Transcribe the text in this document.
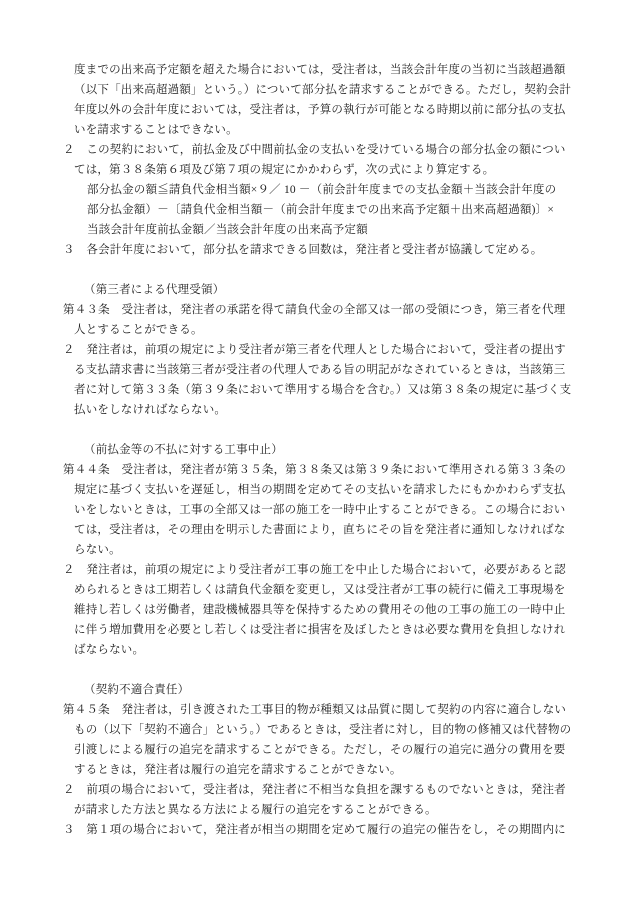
度までの出来高予定額を超えた場合においては，受注者は，当該会計年度の当初に当該超過額
（以下「出来高超過額」という。）について部分払を請求することができる。ただし，契約会計
年度以外の会計年度においては，受注者は，予算の執行が可能となる時期以前に部分払の支払
いを請求することはできない。
２　この契約において，前払金及び中間前払金の支払いを受けている場合の部分払金の額につい
ては，第３８条第６項及び第７項の規定にかかわらず，次の式により算定する。
部分払金の額≦請負代金相当額×９／ 10 －（前会計年度までの支払金額＋当該会計年度の
部分払金額）－〔請負代金相当額－（前会計年度までの出来高予定額＋出来高超過額)〕×
当該会計年度前払金額／当該会計年度の出来高予定額
３　各会計年度において，部分払を請求できる回数は，発注者と受注者が協議して定める。
（第三者による代理受領）
第４３条　受注者は，発注者の承諾を得て請負代金の全部又は一部の受領につき，第三者を代理
人とすることができる。
２　発注者は，前項の規定により受注者が第三者を代理人とした場合において，受注者の提出す
る支払請求書に当該第三者が受注者の代理人である旨の明記がなされているときは，当該第三
者に対して第３３条（第３９条において準用する場合を含む。）又は第３８条の規定に基づく支
払いをしなければならない。
（前払金等の不払に対する工事中止）
第４４条　受注者は，発注者が第３５条，第３８条又は第３９条において準用される第３３条の
規定に基づく支払いを遅延し，相当の期間を定めてその支払いを請求したにもかかわらず支払
いをしないときは，工事の全部又は一部の施工を一時中止することができる。この場合におい
ては，受注者は，その理由を明示した書面により，直ちにその旨を発注者に通知しなければな
らない。
２　発注者は，前項の規定により受注者が工事の施工を中止した場合において，必要があると認
められるときは工期若しくは請負代金額を変更し，又は受注者が工事の続行に備え工事現場を
維持し若しくは労働者，建設機械器具等を保持するための費用その他の工事の施工の一時中止
に伴う増加費用を必要とし若しくは受注者に損害を及ぼしたときは必要な費用を負担しなけれ
ばならない。
（契約不適合責任）
第４５条　発注者は，引き渡された工事目的物が種類又は品質に関して契約の内容に適合しない
もの（以下「契約不適合」という。）であるときは，受注者に対し，目的物の修補又は代替物の
引渡しによる履行の追完を請求することができる。ただし，その履行の追完に過分の費用を要
するときは，発注者は履行の追完を請求することができない。
２　前項の場合において，受注者は，発注者に不相当な負担を課するものでないときは，発注者
が請求した方法と異なる方法による履行の追完をすることができる。
３　第１項の場合において，発注者が相当の期間を定めて履行の追完の催告をし，その期間内に
